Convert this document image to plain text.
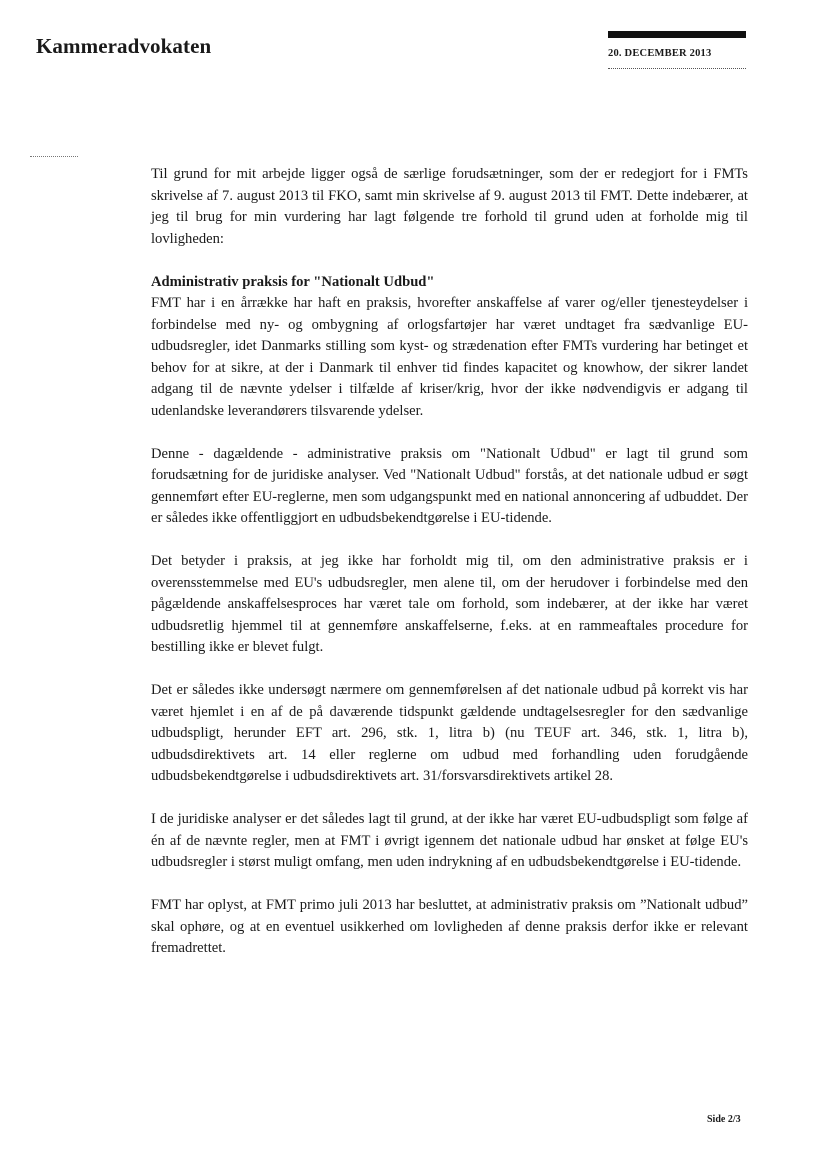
Kammeradvokaten	20. DECEMBER 2013

Til grund for mit arbejde ligger også de særlige forudsætninger, som der er redegjort for i FMTs skrivelse af 7. august 2013 til FKO, samt min skrivelse af 9. august 2013 til FMT. Dette indebærer, at jeg til brug for min vurdering har lagt følgende tre forhold til grund uden at forholde mig til lovligheden:

Administrativ praksis for "Nationalt Udbud"

FMT har i en årrække har haft en praksis, hvorefter anskaffelse af varer og/eller tjenesteydelser i forbindelse med ny- og ombygning af orlogsfartøjer har været undtaget fra sædvanlige EU-udbudsregler, idet Danmarks stilling som kyst- og strædenation efter FMTs vurdering har betinget et behov for at sikre, at der i Danmark til enhver tid findes kapacitet og knowhow, der sikrer landet adgang til de nævnte ydelser i tilfælde af kriser/krig, hvor der ikke nødvendigvis er adgang til udenlandske leverandørers tilsvarende ydelser.

Denne - dagældende - administrative praksis om "Nationalt Udbud" er lagt til grund som forudsætning for de juridiske analyser. Ved "Nationalt Udbud" forstås, at det nationale udbud er søgt gennemført efter EU-reglerne, men som udgangspunkt med en national annoncering af udbuddet. Der er således ikke offentliggjort en udbudsbekendtgørelse i EU-tidende.

Det betyder i praksis, at jeg ikke har forholdt mig til, om den administrative praksis er i overensstemmelse med EU's udbudsregler, men alene til, om der herudover i forbindelse med den pågældende anskaffelsesproces har været tale om forhold, som indebærer, at der ikke har været udbudsretlig hjemmel til at gennemføre anskaffelserne, f.eks. at en rammeaftales procedure for bestilling ikke er blevet fulgt.

Det er således ikke undersøgt nærmere om gennemførelsen af det nationale udbud på korrekt vis har været hjemlet i en af de på daværende tidspunkt gældende undtagelsesregler for den sædvanlige udbudspligt, herunder EFT art. 296, stk. 1, litra b) (nu TEUF art. 346, stk. 1, litra b), udbudsdirektivets art. 14 eller reglerne om udbud med forhandling uden forudgående udbudsbekendtgørelse i udbudsdirektivets art. 31/forsvarsdirektivets artikel 28.

I de juridiske analyser er det således lagt til grund, at der ikke har været EU-udbudspligt som følge af én af de nævnte regler, men at FMT i øvrigt igennem det nationale udbud har ønsket at følge EU's udbudsregler i størst muligt omfang, men uden indrykning af en udbudsbekendtgørelse i EU-tidende.

FMT har oplyst, at FMT primo juli 2013 har besluttet, at administrativ praksis om ”Nationalt udbud” skal ophøre, og at en eventuel usikkerhed om lovligheden af denne praksis derfor ikke er relevant fremadrettet.

Side 2/3
